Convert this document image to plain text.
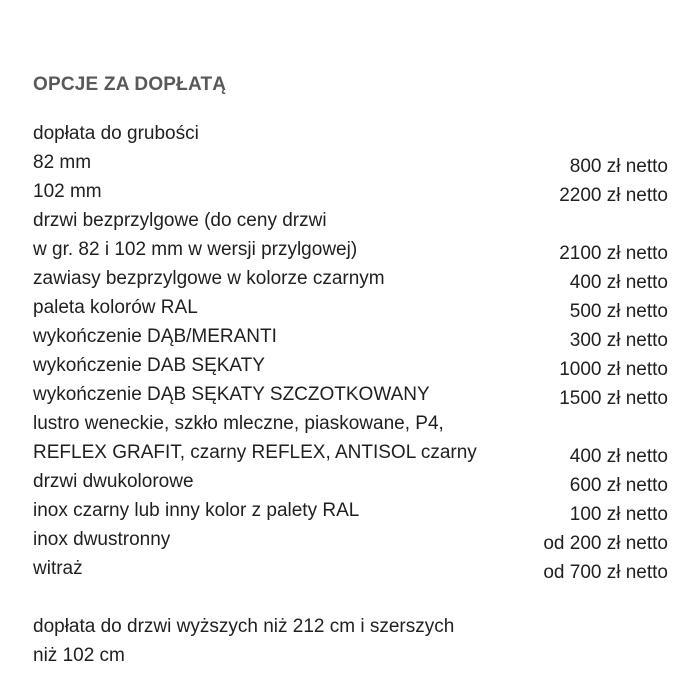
OPCJE ZA DOPŁATĄ
dopłata do grubości
82 mm	800 zł netto
102 mm	2200 zł netto
drzwi bezprzylgowe (do ceny drzwi
w gr. 82 i 102 mm w wersji przylgowej)	2100 zł netto
zawiasy bezprzylgowe w kolorze czarnym	400 zł netto
paleta kolorów RAL	500 zł netto
wykończenie DĄB/MERANTI	300 zł netto
wykończenie DAB SĘKATY	1000 zł netto
wykończenie DĄB SĘKATY SZCZOTKOWANY	1500 zł netto
lustro weneckie, szkło mleczne, piaskowane, P4,
REFLEX GRAFIT, czarny REFLEX, ANTISOL czarny	400 zł netto
drzwi dwukolorowe	600 zł netto
inox czarny lub inny kolor z palety RAL	100 zł netto
inox dwustronny	od 200 zł netto
witraż	od 700 zł netto
dopłata do drzwi wyższych niż 212 cm i szerszych
niż 102 cm
